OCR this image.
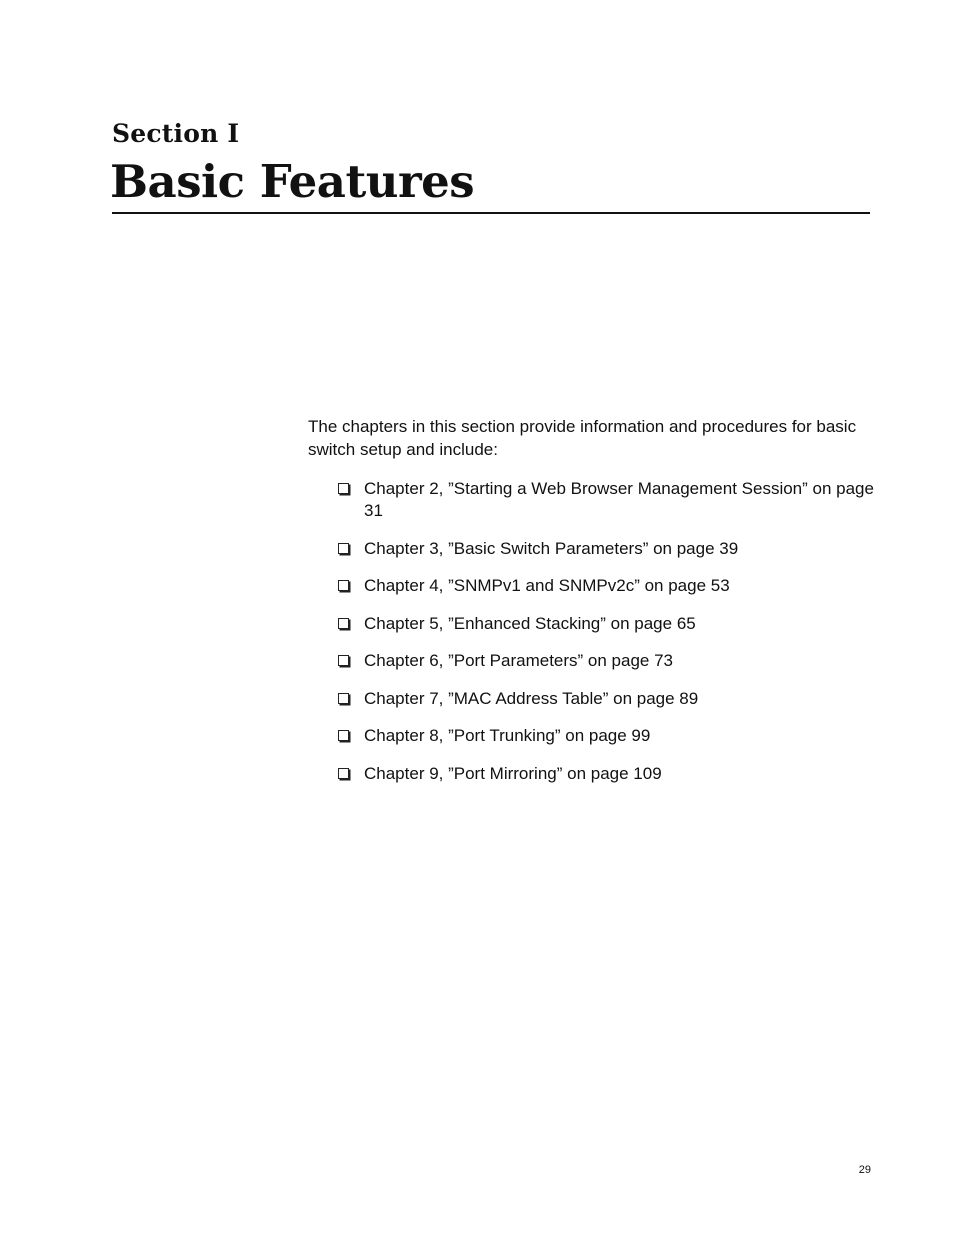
Section I
Basic Features

The chapters in this section provide information and procedures for basic switch setup and include:

Chapter 2, ”Starting a Web Browser Management Session” on page 31
Chapter 3, ”Basic Switch Parameters” on page 39
Chapter 4, ”SNMPv1 and SNMPv2c” on page 53
Chapter 5, ”Enhanced Stacking” on page 65
Chapter 6, ”Port Parameters” on page 73
Chapter 7, ”MAC Address Table” on page 89
Chapter 8, ”Port Trunking” on page 99
Chapter 9, ”Port Mirroring” on page 109
29
